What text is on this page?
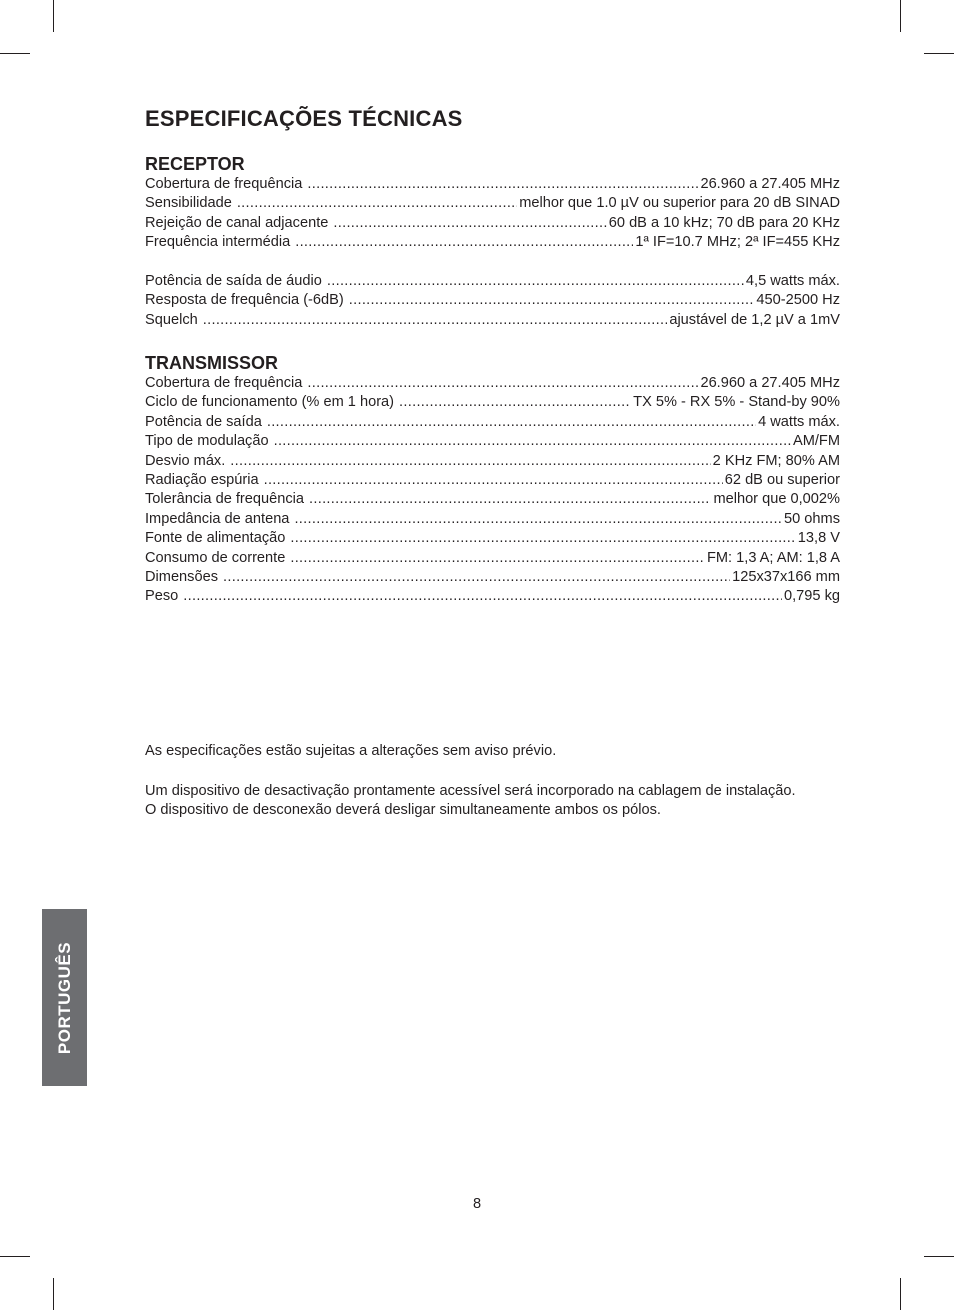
ESPECIFICAÇÕES TÉCNICAS
RECEPTOR
Cobertura de frequência .....	26.960 a 27.405 MHz
Sensibilidade .....	melhor que 1.0 µV ou superior para 20 dB SINAD
Rejeição de canal adjacente .....	60 dB a 10 kHz; 70 dB para 20 KHz
Frequência intermédia .....	1ª IF=10.7 MHz; 2ª IF=455 KHz
Potência de saída de áudio .....	4,5 watts máx.
Resposta de frequência (-6dB) .....	450-2500 Hz
Squelch .....	ajustável de 1,2 µV a 1mV
TRANSMISSOR
Cobertura de frequência .....	26.960 a 27.405 MHz
Ciclo de funcionamento (% em 1 hora) .....	TX 5% - RX 5% - Stand-by 90%
Potência de saída .....	4 watts máx.
Tipo de modulação .....	AM/FM
Desvio máx. .....	2 KHz FM; 80% AM
Radiação espúria .....	62 dB ou superior
Tolerância de frequência .....	melhor que 0,002%
Impedância de antena .....	50 ohms
Fonte de alimentação .....	13,8 V
Consumo de corrente .....	FM: 1,3 A; AM: 1,8 A
Dimensões .....	125x37x166 mm
Peso .....	0,795 kg

As especificações estão sujeitas a alterações sem aviso prévio.

Um dispositivo de desactivação prontamente acessível será incorporado na cablagem de instalação.

O dispositivo de desconexão deverá desligar simultaneamente ambos os pólos.

PORTUGUÊS
8
